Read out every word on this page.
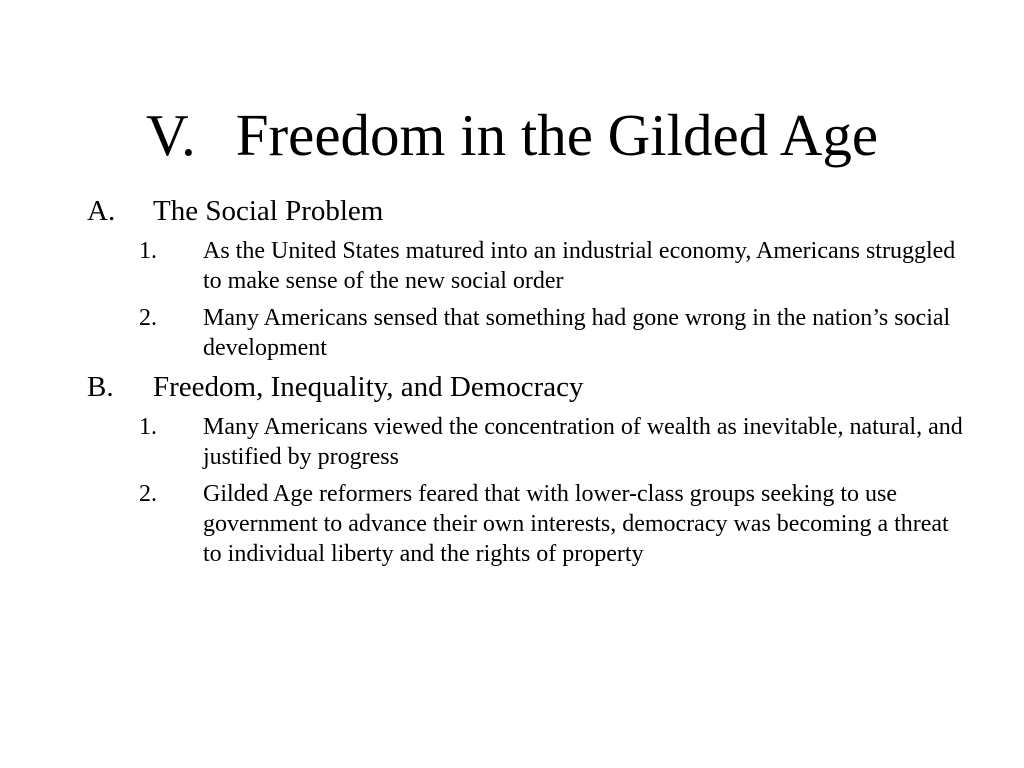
V. Freedom in the Gilded Age
A.	The Social Problem
1.	As the United States matured into an industrial economy, Americans struggled to make sense of the new social order
2.	Many Americans sensed that something had gone wrong in the nation’s social development
B.	Freedom, Inequality, and Democracy
1.	Many Americans viewed the concentration of wealth as inevitable, natural, and justified by progress
2.	Gilded Age reformers feared that with lower-class groups seeking to use government to advance their own interests, democracy was becoming a threat to individual liberty and the rights of property
